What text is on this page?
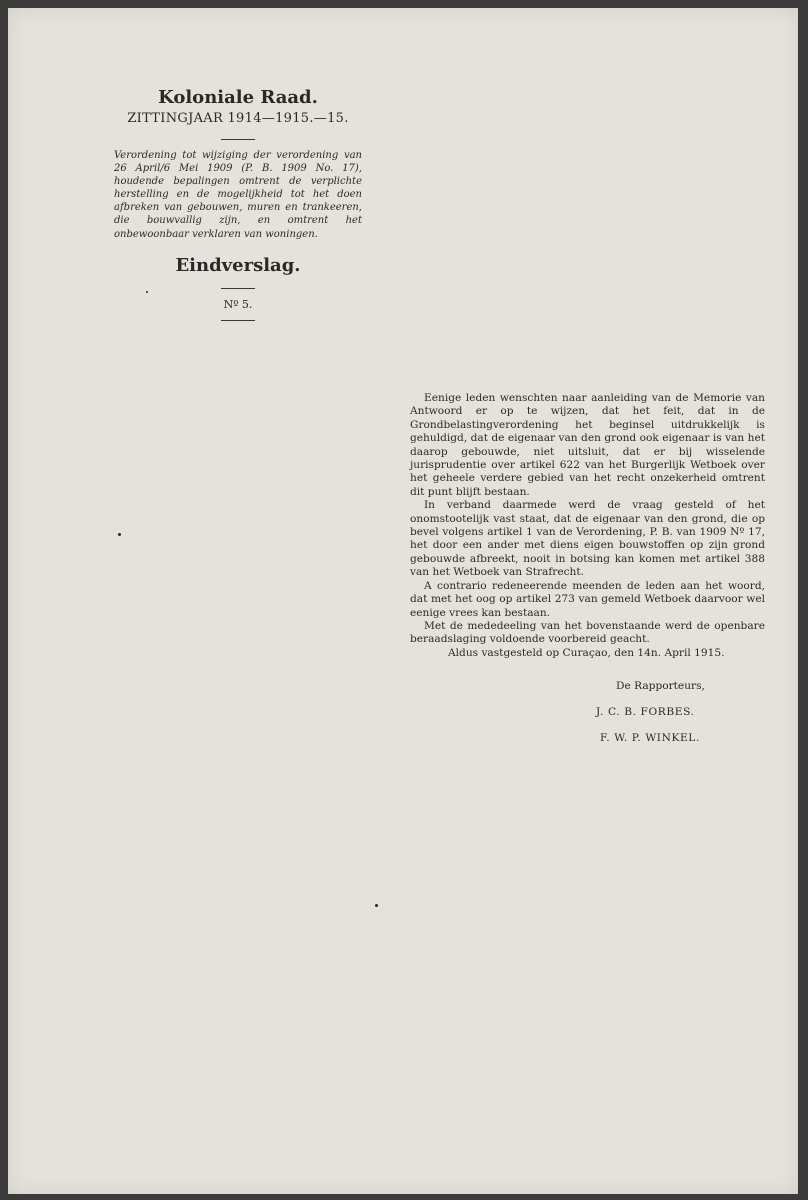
Koloniale Raad.

ZITTINGJAAR 1914—1915.—15.

Verordening tot wijziging der verordening van 26 April/6 Mei 1909 (P. B. 1909 No. 17), houdende bepalingen omtrent de verplichte herstelling en de mogelijkheid tot het doen afbreken van gebouwen, muren en trankeeren, die bouwvallig zijn, en omtrent het onbewoonbaar verklaren van woningen.

Eindverslag.

Nº 5.

Eenige leden wenschten naar aanleiding van de Memorie van Antwoord er op te wijzen, dat het feit, dat in de Grondbelastingverordening het beginsel uitdrukkelijk is gehuldigd, dat de eigenaar van den grond ook eigenaar is van het daarop gebouwde, niet uitsluit, dat er bij wisselende jurisprudentie over artikel 622 van het Burgerlijk Wetboek over het geheele verdere gebied van het recht onzekerheid omtrent dit punt blijft bestaan.

In verband daarmede werd de vraag gesteld of het onomstootelijk vast staat, dat de eigenaar van den grond, die op bevel volgens artikel 1 van de Verordening, P. B. van 1909 Nº 17, het door een ander met diens eigen bouwstoffen op zijn grond gebouwde afbreekt, nooit in botsing kan komen met artikel 388 van het Wetboek van Strafrecht.

A contrario redeneerende meenden de leden aan het woord, dat met het oog op artikel 273 van gemeld Wetboek daarvoor wel eenige vrees kan bestaan.

Met de mededeeling van het bovenstaande werd de openbare beraadslaging voldoende voorbereid geacht.

Aldus vastgesteld op Curaçao, den 14n. April 1915.

De Rapporteurs,
J. C. B. FORBES.
F. W. P. WINKEL.
